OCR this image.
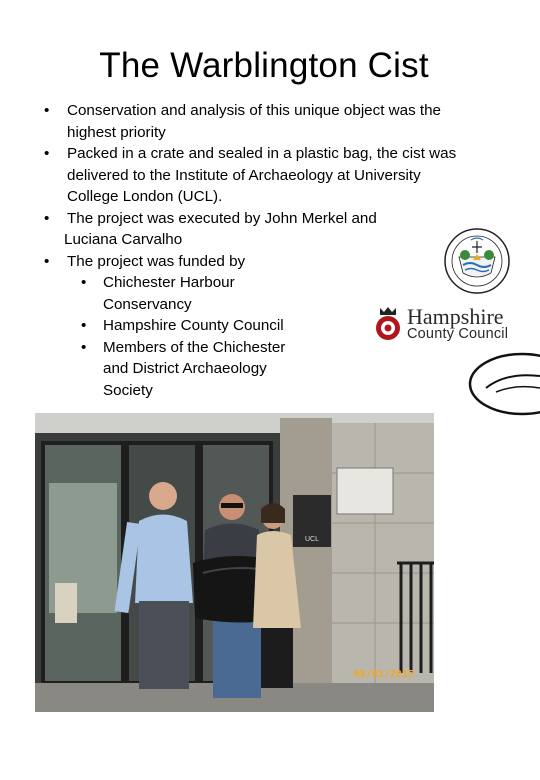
The Warblington Cist
• Conservation and analysis of this unique object was the
highest priority
• Packed in a crate and sealed in a plastic bag, the cist was
delivered to the Institute of Archaeology at University
College London (UCL).
• The project was executed by John Merkel and
Luciana Carvalho
• The project was funded by
• Chichester Harbour
Conservancy
• Hampshire County Council
• Members of the Chichester
and District Archaeology
Society
Hampshire
County Council
UCL
08/01/2015
